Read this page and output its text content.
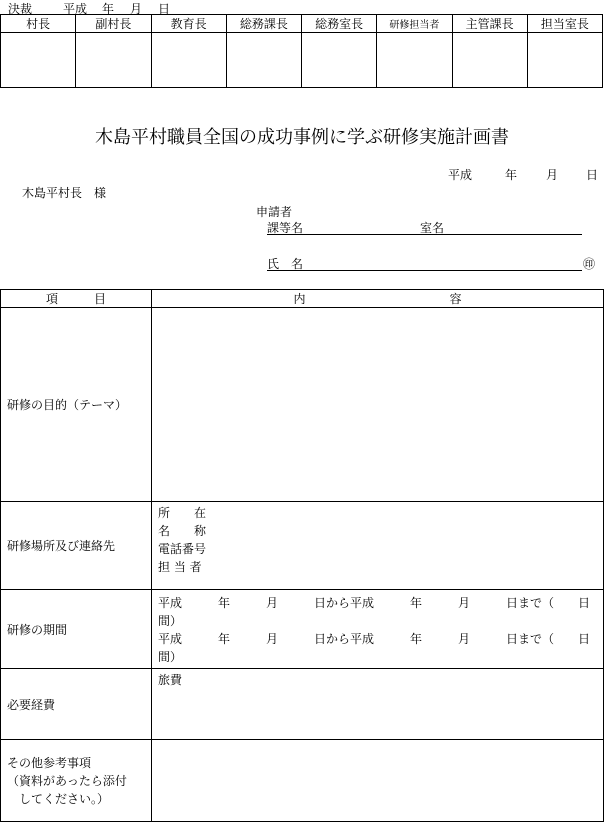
決裁	平成 年 月 日
村長	副村長	教育長	総務課長	総務室長	研修担当者	主管課長	担当室長

木島平村職員全国の成功事例に学ぶ研修実施計画書
平成	年 月 日
木島平村長　様
申請者
課等名	室名
氏　名	㊞
項　　　目	内　　　　　　　　　　　　容
研修の目的（テーマ）	
研修場所及び連絡先	所　　在
名　　称
電話番号
担 当 者

研修の期間	平成　　　年　　　月　　　日から平成　　　年　　　月　　　日まで（　　日間）
平成　　　年　　　月　　　日から平成　　　年　　　月　　　日まで（　　日間）

必要経費	旅費

その他参考事項
（資料があったら添付
　してください。）	
